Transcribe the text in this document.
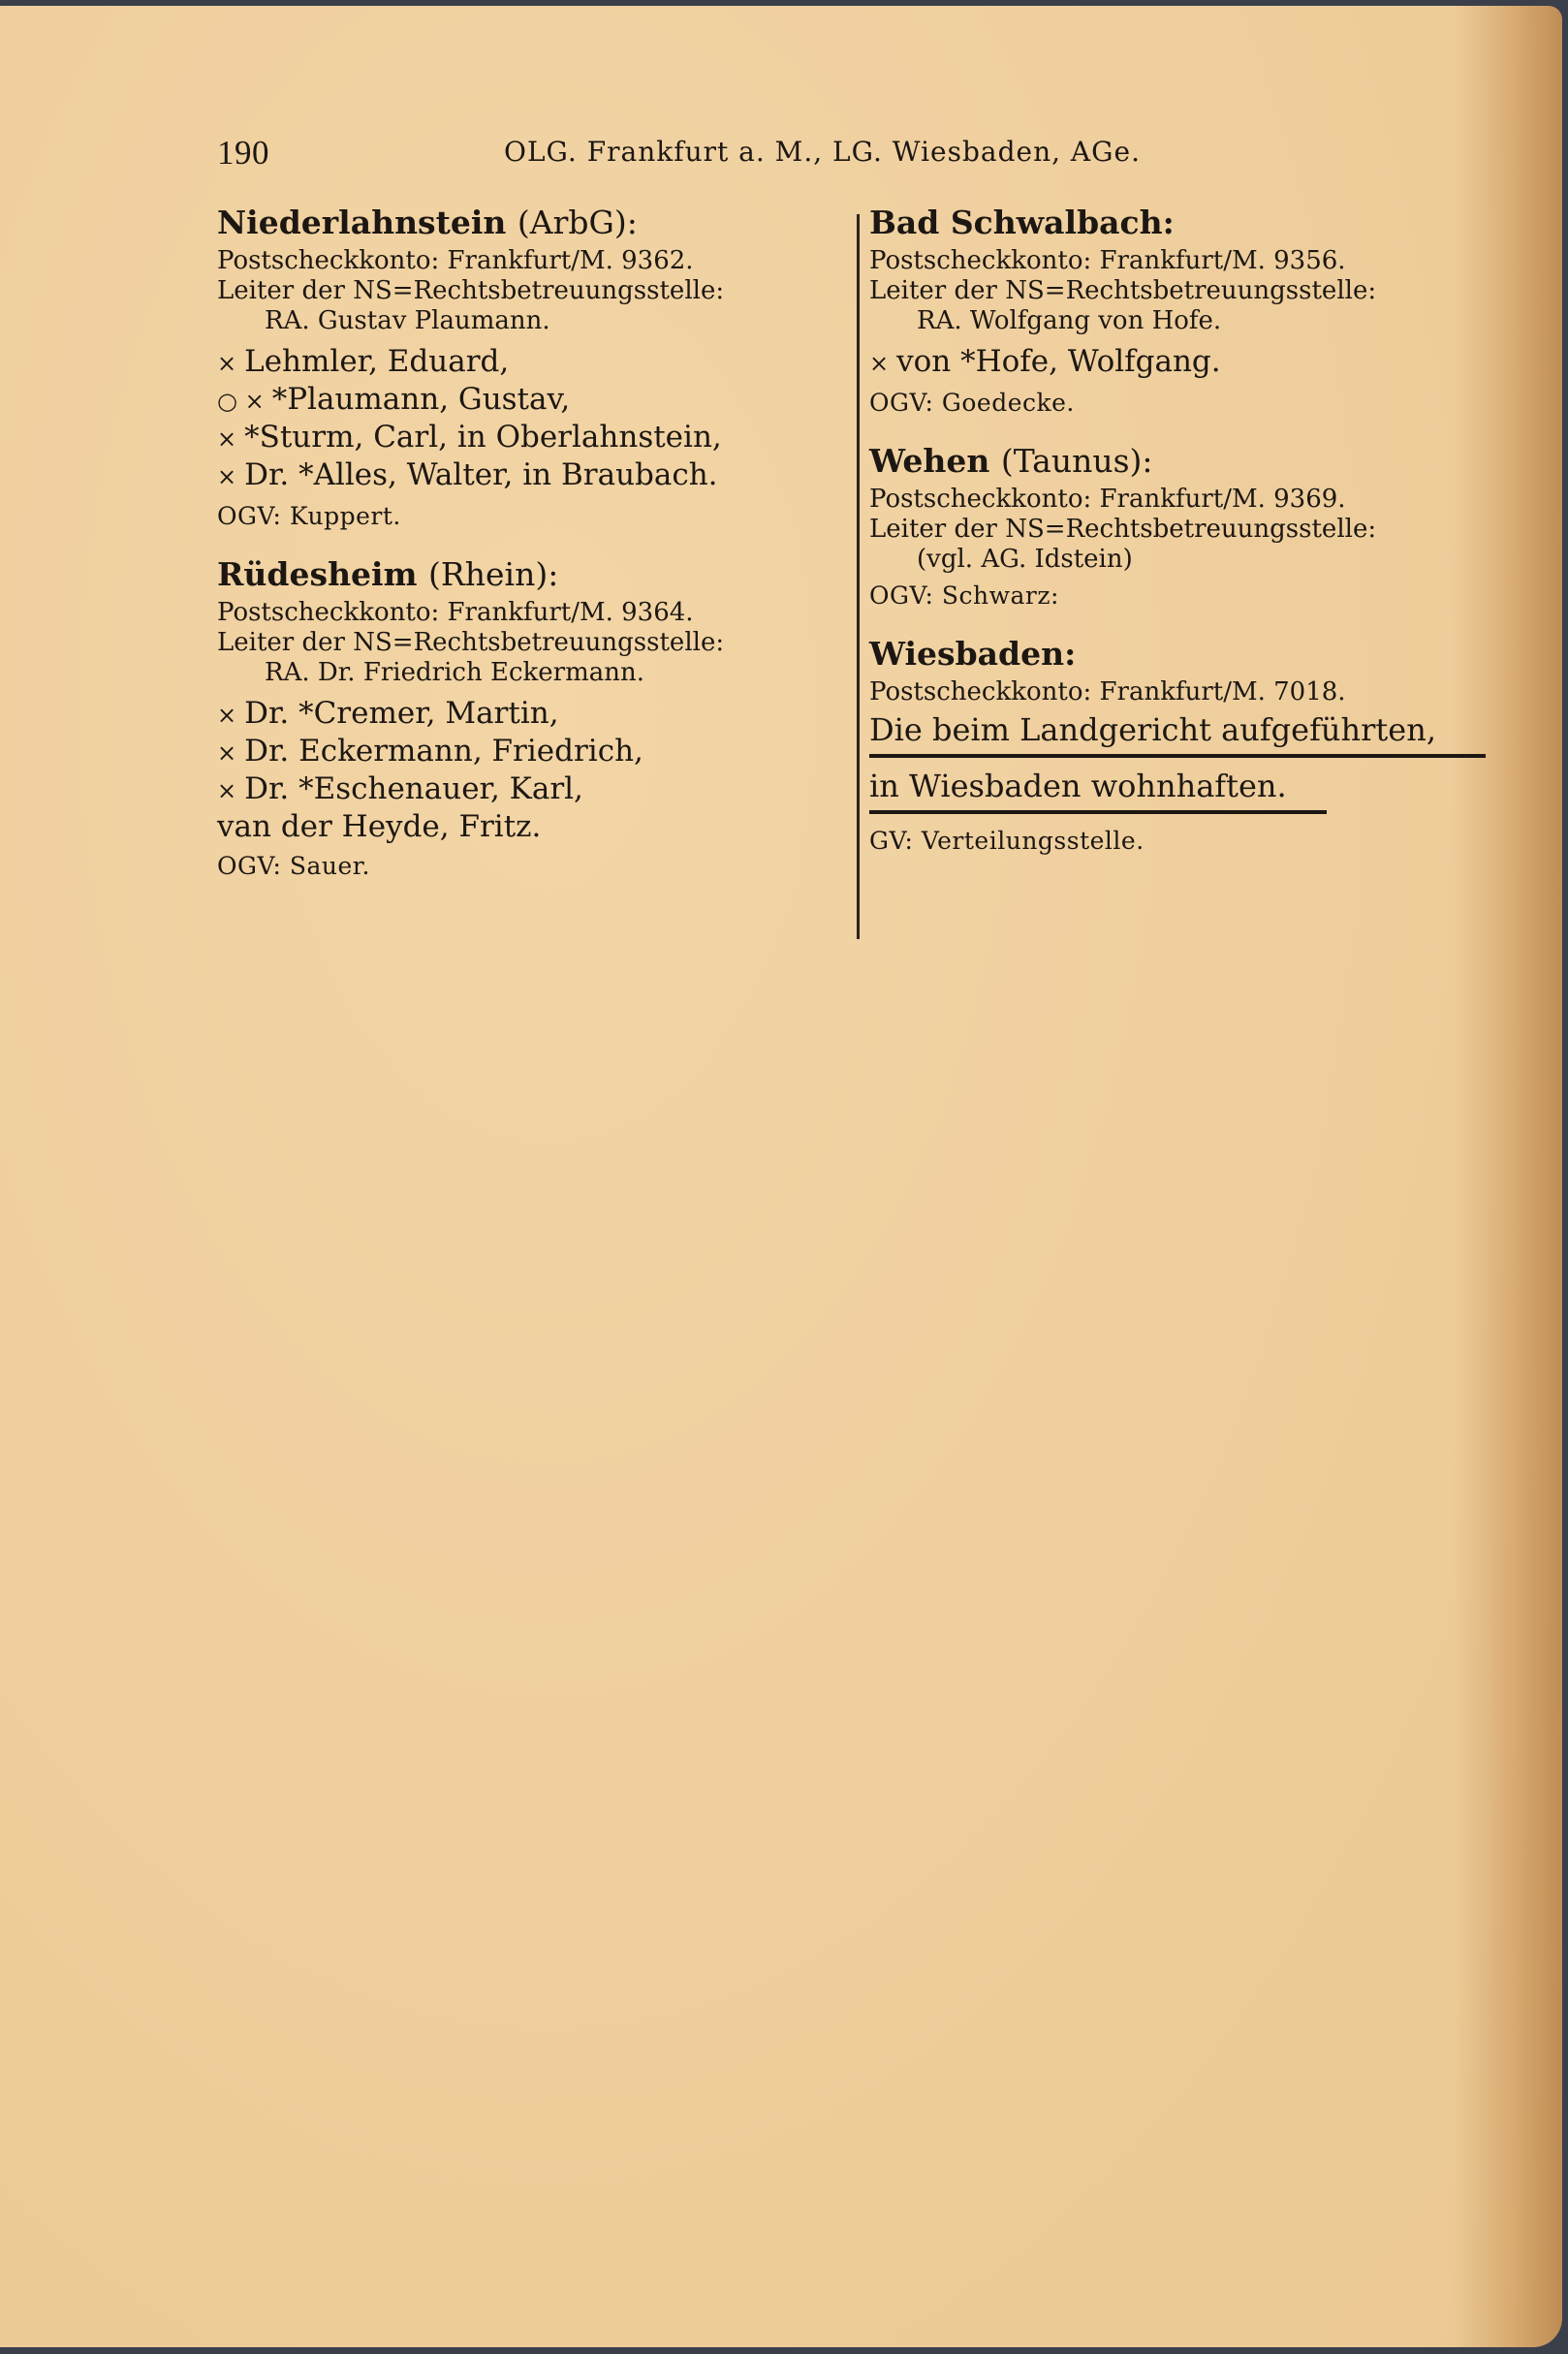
190	OLG. Frankfurt a. M., LG. Wiesbaden, AGe.
Niederlahnstein (ArbG):
Postscheckkonto: Frankfurt/M. 9362.
Leiter der NS=Rechtsbetreuungsstelle:
RA. Gustav Plaumann.
× Lehmler, Eduard,
○ × *Plaumann, Gustav,
× *Sturm, Carl, in Oberlahnstein,
× Dr. *Alles, Walter, in Braubach.
OGV: Kuppert.
Rüdesheim (Rhein):
Postscheckkonto: Frankfurt/M. 9364.
Leiter der NS=Rechtsbetreuungsstelle:
RA. Dr. Friedrich Eckermann.
× Dr. *Cremer, Martin,
× Dr. Eckermann, Friedrich,
× Dr. *Eschenauer, Karl,
van der Heyde, Fritz.
OGV: Sauer.
Bad Schwalbach:
Postscheckkonto: Frankfurt/M. 9356.
Leiter der NS=Rechtsbetreuungsstelle:
RA. Wolfgang von Hofe.
× von *Hofe, Wolfgang.
OGV: Goedecke.
Wehen (Taunus):
Postscheckkonto: Frankfurt/M. 9369.
Leiter der NS=Rechtsbetreuungsstelle:
(vgl. AG. Idstein)
OGV: Schwarz:
Wiesbaden:
Postscheckkonto: Frankfurt/M. 7018.
Die beim Landgericht aufgeführten,
in Wiesbaden wohnhaften.
GV: Verteilungsstelle.
